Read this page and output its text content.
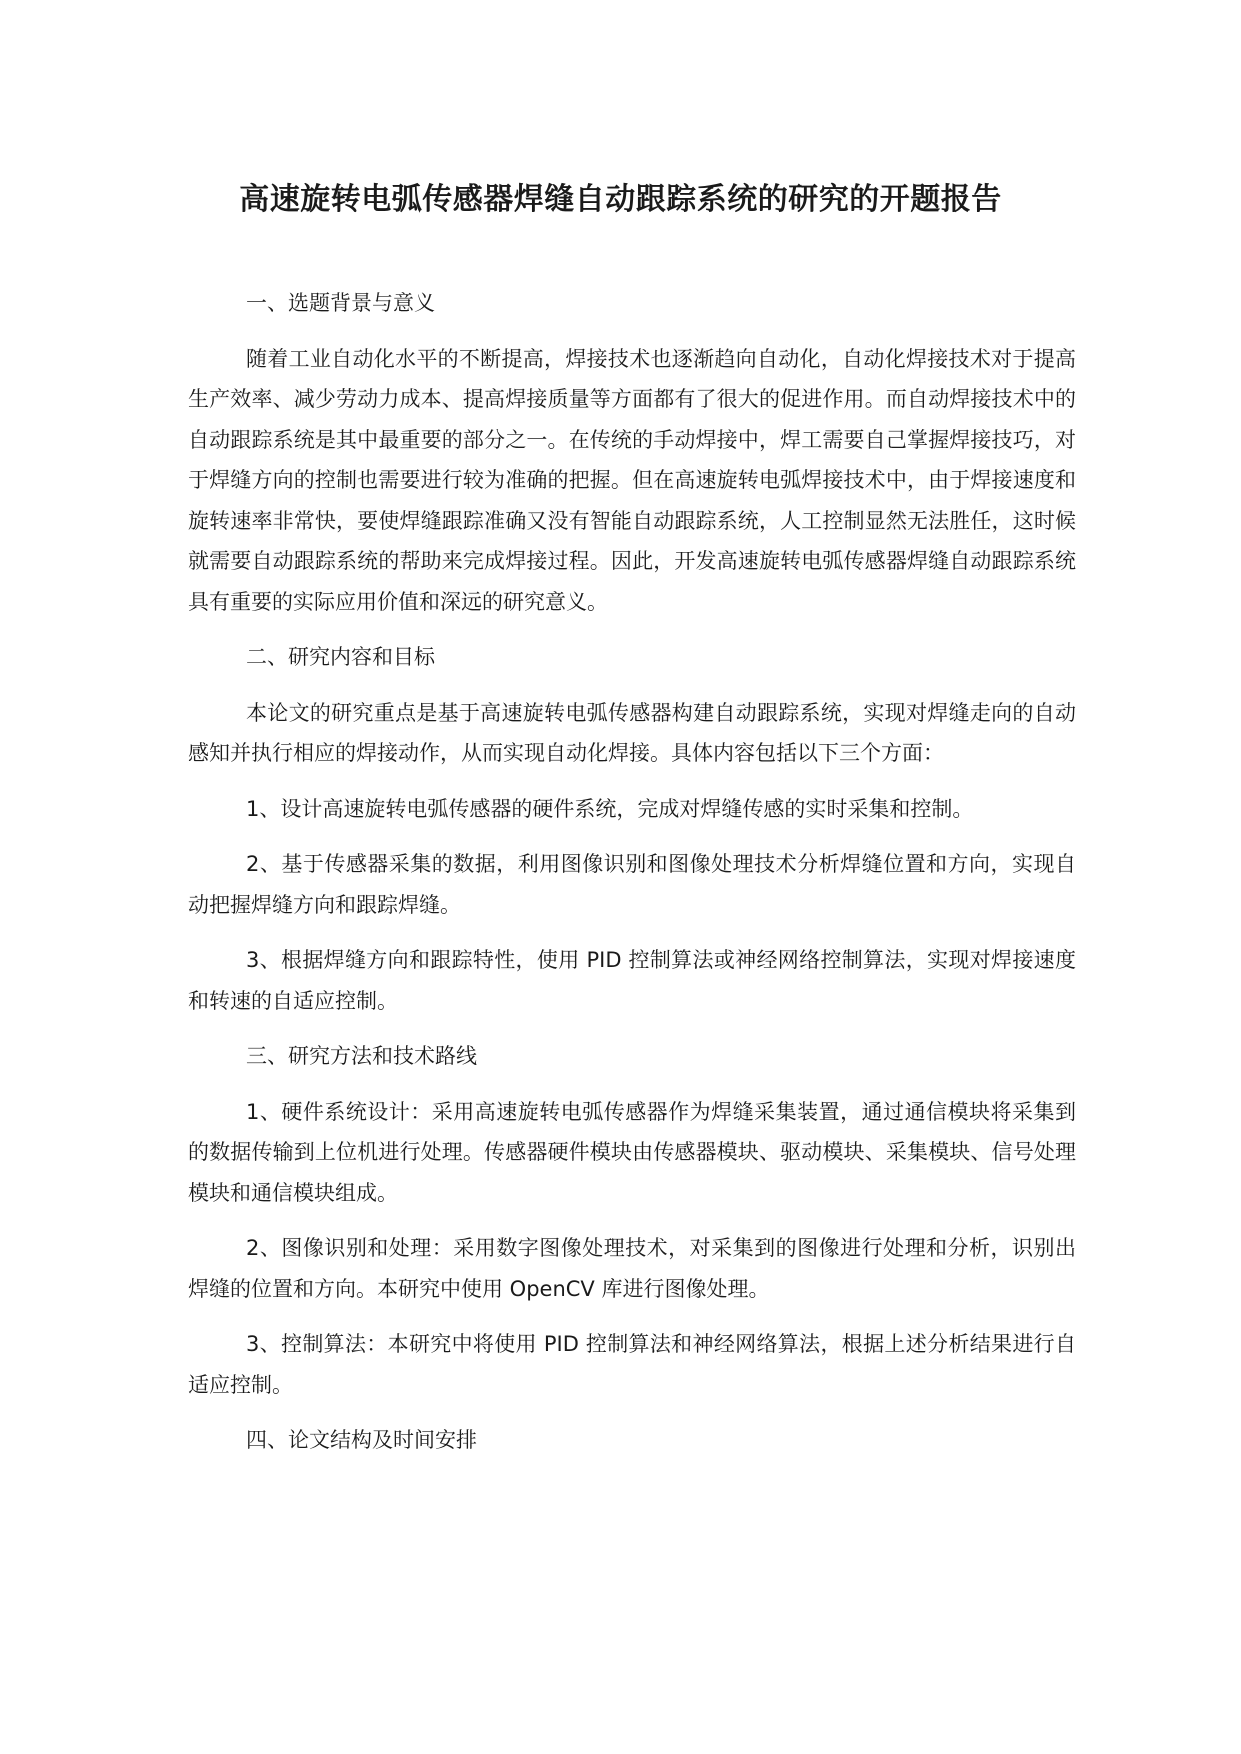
高速旋转电弧传感器焊缝自动跟踪系统的研究的开题报告

一、选题背景与意义

随着工业自动化水平的不断提高，焊接技术也逐渐趋向自动化，自动化焊接技术对于提高生产效率、减少劳动力成本、提高焊接质量等方面都有了很大的促进作用。而自动焊接技术中的自动跟踪系统是其中最重要的部分之一。在传统的手动焊接中，焊工需要自己掌握焊接技巧，对于焊缝方向的控制也需要进行较为准确的把握。但在高速旋转电弧焊接技术中，由于焊接速度和旋转速率非常快，要使焊缝跟踪准确又没有智能自动跟踪系统，人工控制显然无法胜任，这时候就需要自动跟踪系统的帮助来完成焊接过程。因此，开发高速旋转电弧传感器焊缝自动跟踪系统具有重要的实际应用价值和深远的研究意义。

二、研究内容和目标

本论文的研究重点是基于高速旋转电弧传感器构建自动跟踪系统，实现对焊缝走向的自动感知并执行相应的焊接动作，从而实现自动化焊接。具体内容包括以下三个方面：

1、设计高速旋转电弧传感器的硬件系统，完成对焊缝传感的实时采集和控制。

2、基于传感器采集的数据，利用图像识别和图像处理技术分析焊缝位置和方向，实现自动把握焊缝方向和跟踪焊缝。

3、根据焊缝方向和跟踪特性，使用 PID 控制算法或神经网络控制算法，实现对焊接速度和转速的自适应控制。

三、研究方法和技术路线

1、硬件系统设计：采用高速旋转电弧传感器作为焊缝采集装置，通过通信模块将采集到的数据传输到上位机进行处理。传感器硬件模块由传感器模块、驱动模块、采集模块、信号处理模块和通信模块组成。

2、图像识别和处理：采用数字图像处理技术，对采集到的图像进行处理和分析，识别出焊缝的位置和方向。本研究中使用 OpenCV 库进行图像处理。

3、控制算法：本研究中将使用 PID 控制算法和神经网络算法，根据上述分析结果进行自适应控制。

四、论文结构及时间安排
